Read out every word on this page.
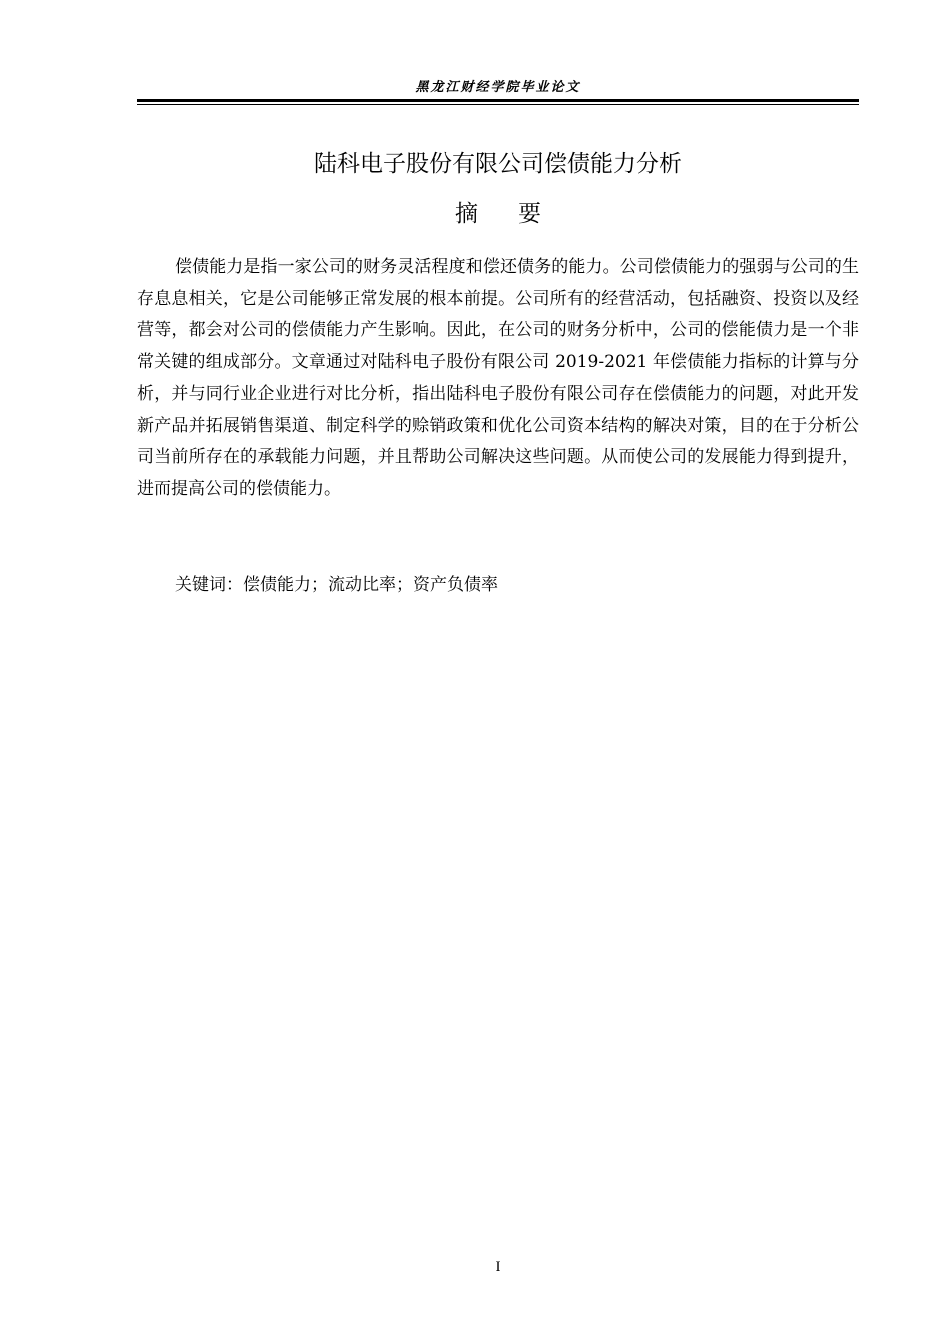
黑龙江财经学院毕业论文
陆科电子股份有限公司偿债能力分析
摘要

偿债能力是指一家公司的财务灵活程度和偿还债务的能力。公司偿债能力的强弱与公司的生存息息相关，它是公司能够正常发展的根本前提。公司所有的经营活动，包括融资、投资以及经营等，都会对公司的偿债能力产生影响。因此，在公司的财务分析中，公司的偿能债力是一个非常关键的组成部分。文章通过对陆科电子股份有限公司 2019-2021 年偿债能力指标的计算与分析，并与同行业企业进行对比分析，指出陆科电子股份有限公司存在偿债能力的问题，对此开发新产品并拓展销售渠道、制定科学的赊销政策和优化公司资本结构的解决对策，目的在于分析公司当前所存在的承载能力问题，并且帮助公司解决这些问题。从而使公司的发展能力得到提升，进而提高公司的偿债能力。

关键词：偿债能力；流动比率；资产负债率
I
